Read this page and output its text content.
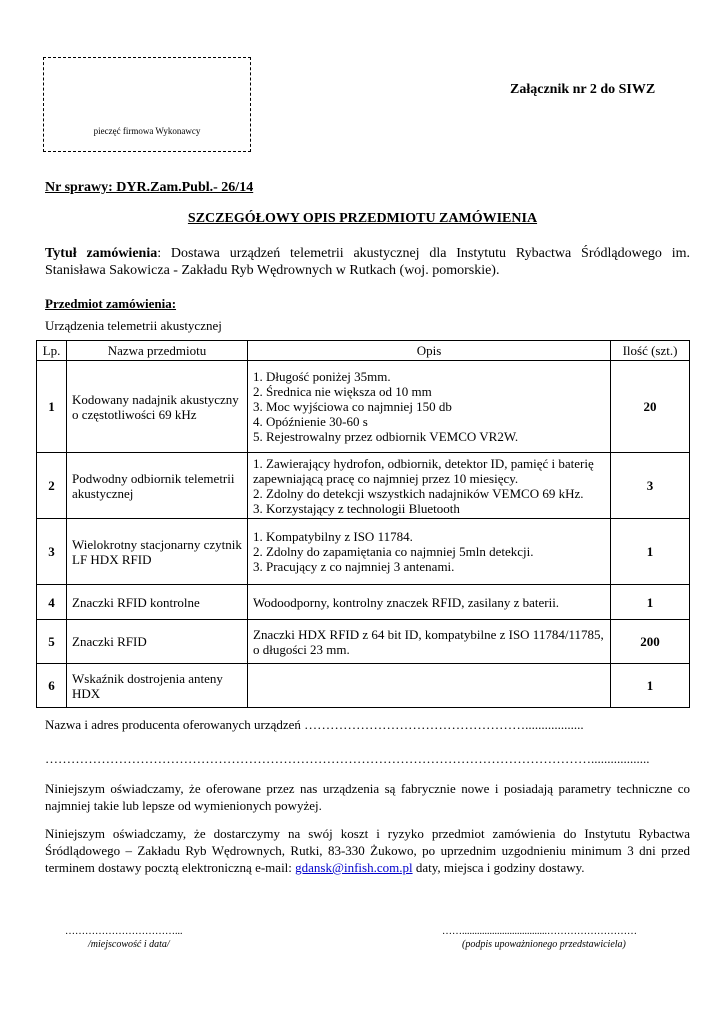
pieczęć firmowa Wykonawcy
Załącznik nr 2 do SIWZ
Nr sprawy: DYR.Zam.Publ.- 26/14
SZCZEGÓŁOWY OPIS PRZEDMIOTU ZAMÓWIENIA
Tytuł zamówienia: Dostawa urządzeń telemetrii akustycznej dla Instytutu Rybactwa Śródlądowego im. Stanisława Sakowicza - Zakładu Ryb Wędrownych w Rutkach (woj. pomorskie).
Przedmiot zamówienia:
Urządzenia telemetrii akustycznej
Lp.	Nazwa przedmiotu	Opis	Ilość (szt.)
1	Kodowany nadajnik akustyczny o częstotliwości 69 kHz	1. Długość poniżej 35mm.
2. Średnica nie większa od 10 mm
3. Moc wyjściowa co najmniej 150 db
4. Opóźnienie 30-60 s
5. Rejestrowalny przez odbiornik VEMCO VR2W.	20
2	Podwodny odbiornik telemetrii akustycznej	1. Zawierający hydrofon, odbiornik, detektor ID, pamięć i baterię zapewniającą pracę co najmniej przez 10 miesięcy.
2. Zdolny do detekcji wszystkich nadajników VEMCO 69 kHz.
3. Korzystający z technologii Bluetooth	3
3	Wielokrotny stacjonarny czytnik LF HDX RFID	1. Kompatybilny z ISO 11784.
2. Zdolny do zapamiętania co najmniej 5mln detekcji.
3. Pracujący z co najmniej 3 antenami.	1
4	Znaczki RFID kontrolne	Wodoodporny, kontrolny znaczek RFID, zasilany z baterii.	1
5	Znaczki RFID	Znaczki HDX RFID z 64 bit ID, kompatybilne z ISO 11784/11785, o długości 23 mm.	200
6	Wskaźnik dostrojenia anteny HDX		1
Nazwa i adres producenta oferowanych urządzeń ……………………………………………..................
………………………………………………………………………………………………………………..................
Niniejszym oświadczamy, że oferowane przez nas urządzenia są fabrycznie nowe i posiadają parametry techniczne co najmniej takie lub lepsze od wymienionych powyżej.
Niniejszym oświadczamy, że dostarczymy na swój koszt i ryzyko przedmiot zamówienia do Instytutu Rybactwa Śródlądowego – Zakładu Ryb Wędrownych, Rutki, 83-330 Żukowo, po uprzednim uzgodnieniu minimum 3 dni przed terminem dostawy pocztą elektroniczną e-mail: gdansk@infish.com.pl daty, miejsca i godziny dostawy.
……………………………...
/miejscowość i data/
……..................................………………………
(podpis upoważnionego przedstawiciela)
